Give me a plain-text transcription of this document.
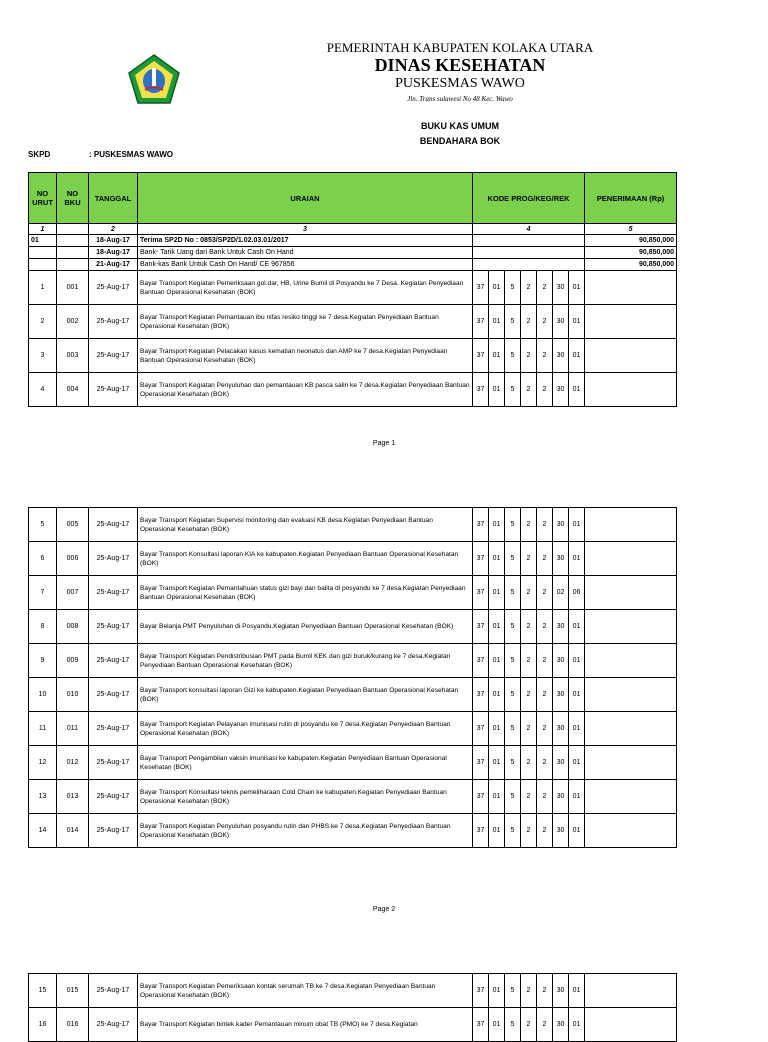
PEMERINTAH KABUPATEN KOLAKA UTARA
DINAS KESEHATAN
PUSKESMAS WAWO
Jln. Trans sulawesi No 48 Kec. Wawo
BUKU KAS UMUM
BENDAHARA BOK
SKPD	: PUSKESMAS WAWO
NO URUT	NO BKU	TANGGAL	URAIAN	KODE PROG/KEG/REK							PENERIMAAN (Rp)
1		2	3	4							5
01		18-Aug-17	Terima SP2D No : 0853/SP2D/1.02.03.01/2017								90,850,000
		18-Aug-17	Bank- Tarik Uang dari Bank Untuk Cash On Hand								90,850,000
		21-Aug-17	Bank-kas Bank Untuk Cash On Hand/ CE 967856								90,850,000
1	001	25-Aug-17	Bayar Transport Kegiatan Pemeriksaan gol.dar, HB, Urine Bumil di Posyandu ke 7 Desa. Kegiatan Penyediaan Bantuan Operasional Kesehatan (BOK)	37	01	5	2	2	30	01	
2	002	25-Aug-17	Bayar Transport Kegiatan Pemantauan ibu nifas resiko tinggi ke 7 desa.Kegiatan Penyediaan Bantuan Operasional Kesehatan (BOK)	37	01	5	2	2	30	01	
3	003	25-Aug-17	Bayar Transport Kegiatan Pelacakan kasus kematian neonatus dan AMP ke 7 desa.Kegiatan Penyediaan Bantuan Operasional Kesehatan (BOK)	37	01	5	2	2	30	01	
4	004	25-Aug-17	Bayar Transport Kegiatan Penyuluhan dan pemantauan KB pasca salin ke 7 desa.Kegiatan Penyediaan Bantuan Operasional Kesehatan (BOK)	37	01	5	2	2	30	01	
Page 1
5	005	25-Aug-17	Bayar Transport Kegiatan Supervisi monitoring dan evaluasi KB desa.Kegiatan Penyediaan Bantuan Operasional Kesehatan (BOK)	37	01	5	2	2	30	01	
6	006	25-Aug-17	Bayar Transport Konsultasi laporan KIA ke kabupaten.Kegiatan Penyediaan Bantuan Operasional Kesehatan (BOK)	37	01	5	2	2	30	01	
7	007	25-Aug-17	Bayar Transport Kegiatan Pemantahuan status gizi bayi dan balita di posyandu ke 7 desa.Kegiatan Penyediaan Bantuan Operasional Kesehatan (BOK)	37	01	5	2	2	02	06	
8	008	25-Aug-17	Bayar Belanja PMT Penyuluhan di Posyandu.Kegiatan Penyediaan Bantuan Operasional Kesehatan (BOK)	37	01	5	2	2	30	01	
9	009	25-Aug-17	Bayar Transport Kegiatan Pendistribusian PMT pada Bumil KEK dan gizi buruk/kurang ke 7 desa.Kegiatan Penyediaan Bantuan Operasional Kesehatan (BOK)	37	01	5	2	2	30	01	
10	010	25-Aug-17	Bayar Transport konsultasi laporan Gizi ke kabupaten.Kegiatan Penyediaan Bantuan Operasional Kesehatan (BOK)	37	01	5	2	2	30	01	
11	011	25-Aug-17	Bayar Transport Kegiatan Pelayanan imunisasi rutin di posyandu ke 7 desa.Kegiatan Penyediaan Bantuan Operasional Kesehatan (BOK)	37	01	5	2	2	30	01	
12	012	25-Aug-17	Bayar Transport Pengambilan vaksin imunisasi ke kabupaten.Kegiatan Penyediaan Bantuan Operasional Kesehatan (BOK)	37	01	5	2	2	30	01	
13	013	25-Aug-17	Bayar Transport Konsultasi teknis pemeliharaan Cold Chain ke kabupaten.Kegiatan Penyediaan Bantuan Operasional Kesehatan (BOK)	37	01	5	2	2	30	01	
14	014	25-Aug-17	Bayar Transport Kegiatan Penyuluhan posyandu rutin dan PHBS ke 7 desa.Kegiatan Penyediaan Bantuan Operasional Kesehatan (BOK)	37	01	5	2	2	30	01	
Page 2
15	015	25-Aug-17	Bayar Transport Kegiatan Pemeriksaan kontak serumah TB ke 7 desa.Kegiatan Penyediaan Bantuan Operasional Kesehatan (BOK)	37	01	5	2	2	30	01	
16	016	25-Aug-17	Bayar Transport Kegiatan bintek kader Pemantauan minum obat TB (PMO) ke 7 desa.Kegiatan	37	01	5	2	2	30	01	
